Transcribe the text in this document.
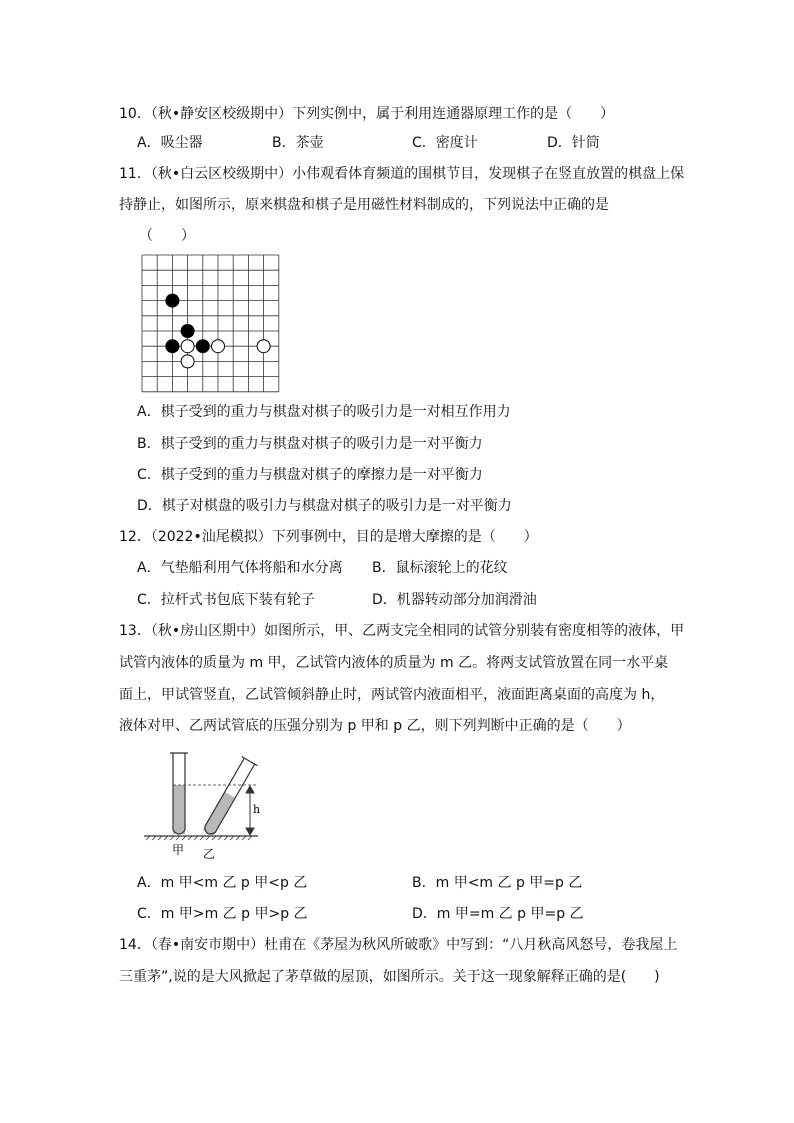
10．（秋•静安区校级期中）下列实例中，属于利用连通器原理工作的是（　　）
A．吸尘器	B．茶壶	C．密度计	D．针筒
11．（秋•白云区校级期中）小伟观看体育频道的围棋节目，发现棋子在竖直放置的棋盘上保
持静止，如图所示，原来棋盘和棋子是用磁性材料制成的，下列说法中正确的是
（　　）
A．棋子受到的重力与棋盘对棋子的吸引力是一对相互作用力
B．棋子受到的重力与棋盘对棋子的吸引力是一对平衡力
C．棋子受到的重力与棋盘对棋子的摩擦力是一对平衡力
D．棋子对棋盘的吸引力与棋盘对棋子的吸引力是一对平衡力
12．（2022•汕尾模拟）下列事例中，目的是增大摩擦的是（　　）
A．气垫船利用气体将船和水分离 B．鼠标滚轮上的花纹
C．拉杆式书包底下装有轮子	D．机器转动部分加润滑油
13．（秋•房山区期中）如图所示，甲、乙两支完全相同的试管分别装有密度相等的液体，甲
试管内液体的质量为 m 甲，乙试管内液体的质量为 m 乙。将两支试管放置在同一水平桌
面上，甲试管竖直，乙试管倾斜静止时，两试管内液面相平，液面距离桌面的高度为 h，
液体对甲、乙两试管底的压强分别为 p 甲和 p 乙，则下列判断中正确的是（　　）
h
甲 乙
A．m 甲<m 乙 p 甲<p 乙	B．m 甲<m 乙 p 甲=p 乙
C．m 甲>m 乙 p 甲>p 乙	D．m 甲=m 乙 p 甲=p 乙
14．（春•南安市期中）杜甫在《茅屋为秋风所破歌》中写到：“八月秋高风怒号，卷我屋上
三重茅”,说的是大风掀起了茅草做的屋顶，如图所示。关于这一现象解释正确的是(　　)
